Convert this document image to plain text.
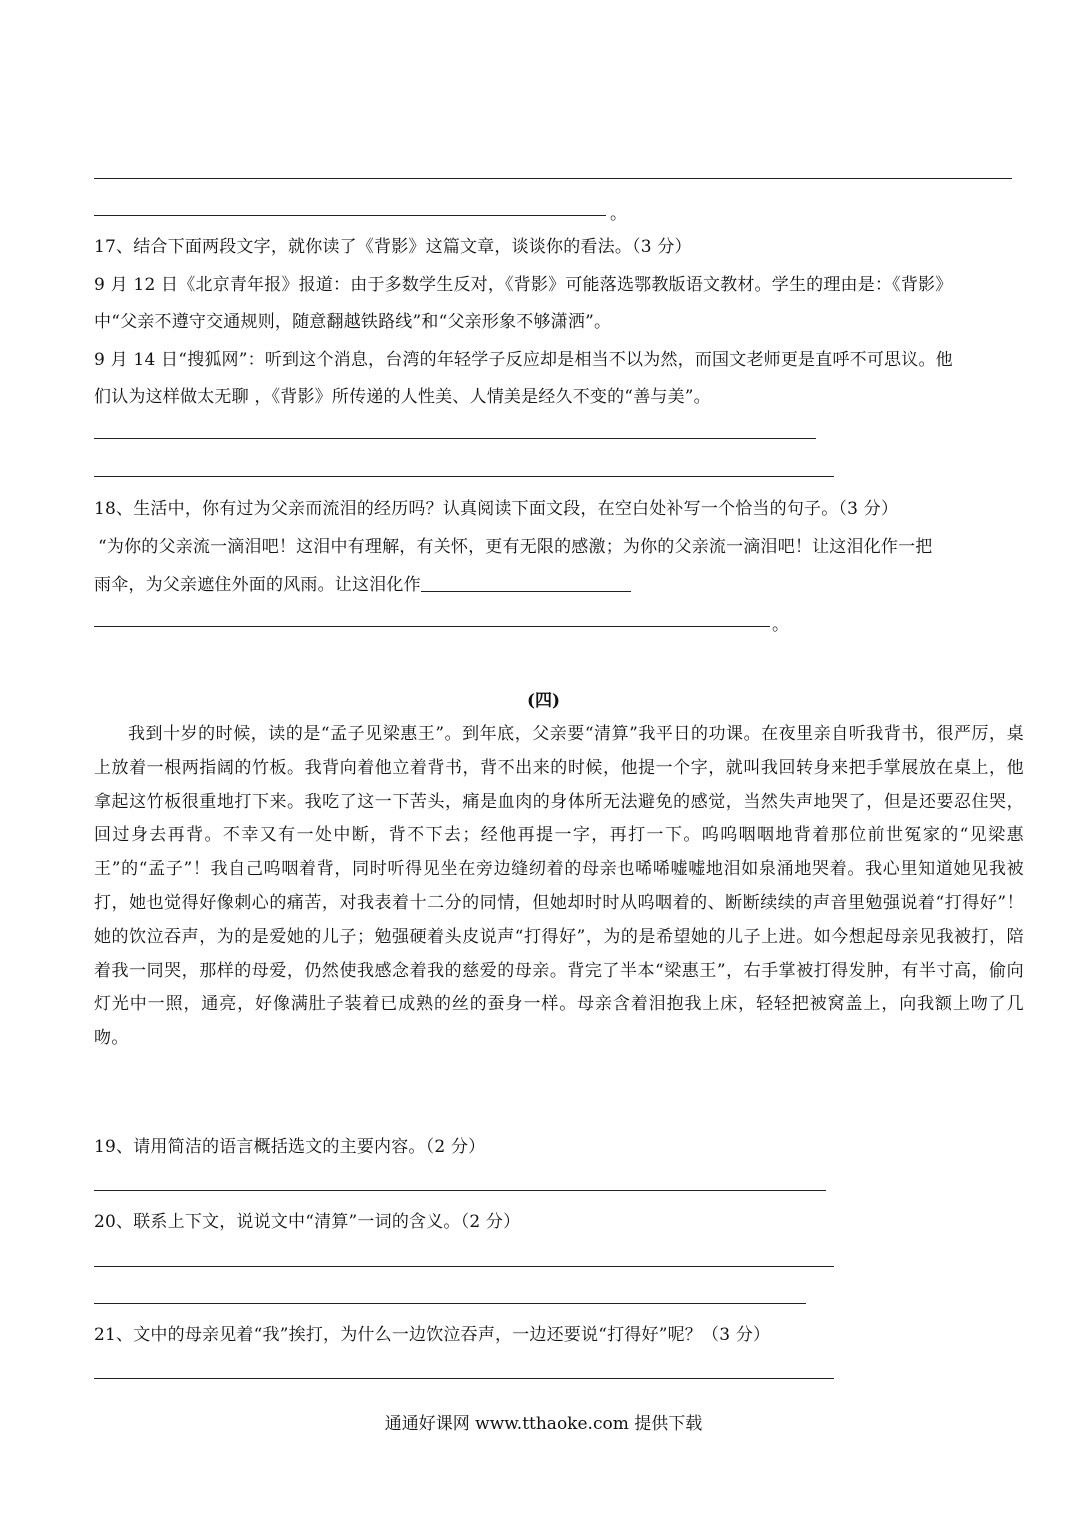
。
17、结合下面两段文字，就你读了《背影》这篇文章，谈谈你的看法。（3 分）
9 月 12 日《北京青年报》报道：由于多数学生反对，《背影》可能落选鄂教版语文教材。学生的理由是：《背影》
中“父亲不遵守交通规则，随意翻越铁路线”和“父亲形象不够潇洒”。
9 月 14 日“搜狐网”：听到这个消息，台湾的年轻学子反应却是相当不以为然，而国文老师更是直呼不可思议。他
们认为这样做太无聊 ，《背影》所传递的人性美、人情美是经久不变的“善与美”。
18、生活中，你有过为父亲而流泪的经历吗？认真阅读下面文段，在空白处补写一个恰当的句子。（3 分）
“为你的父亲流一滴泪吧！这泪中有理解，有关怀，更有无限的感激；为你的父亲流一滴泪吧！让这泪化作一把
雨伞，为父亲遮住外面的风雨。让这泪化作
。
(四)
我到十岁的时候，读的是“孟子见梁惠王”。到年底，父亲要“清算”我平日的功课。在夜里亲自听我背书，很严厉，桌上放着一根两指阔的竹板。我背向着他立着背书，背不出来的时候，他提一个字，就叫我回转身来把手掌展放在桌上，他拿起这竹板很重地打下来。我吃了这一下苦头，痛是血肉的身体所无法避免的感觉，当然失声地哭了，但是还要忍住哭，回过身去再背。不幸又有一处中断，背不下去；经他再提一字，再打一下。呜呜咽咽地背着那位前世冤家的“见梁惠王”的“孟子”！我自己呜咽着背，同时听得见坐在旁边缝纫着的母亲也唏唏嘘嘘地泪如泉涌地哭着。我心里知道她见我被打，她也觉得好像刺心的痛苦，对我表着十二分的同情，但她却时时从呜咽着的、断断续续的声音里勉强说着“打得好”！她的饮泣吞声，为的是爱她的儿子；勉强硬着头皮说声“打得好”，为的是希望她的儿子上进。如今想起母亲见我被打，陪着我一同哭，那样的母爱，仍然使我感念着我的慈爱的母亲。背完了半本“梁惠王”，右手掌被打得发肿，有半寸高，偷向灯光中一照，通亮，好像满肚子装着已成熟的丝的蚕身一样。母亲含着泪抱我上床，轻轻把被窝盖上，向我额上吻了几吻。
19、请用简洁的语言概括选文的主要内容。（2 分）
20、联系上下文，说说文中“清算”一词的含义。（2 分）
21、文中的母亲见着“我”挨打，为什么一边饮泣吞声，一边还要说“打得好”呢？（3 分）
通通好课网 www.tthaoke.com 提供下载
